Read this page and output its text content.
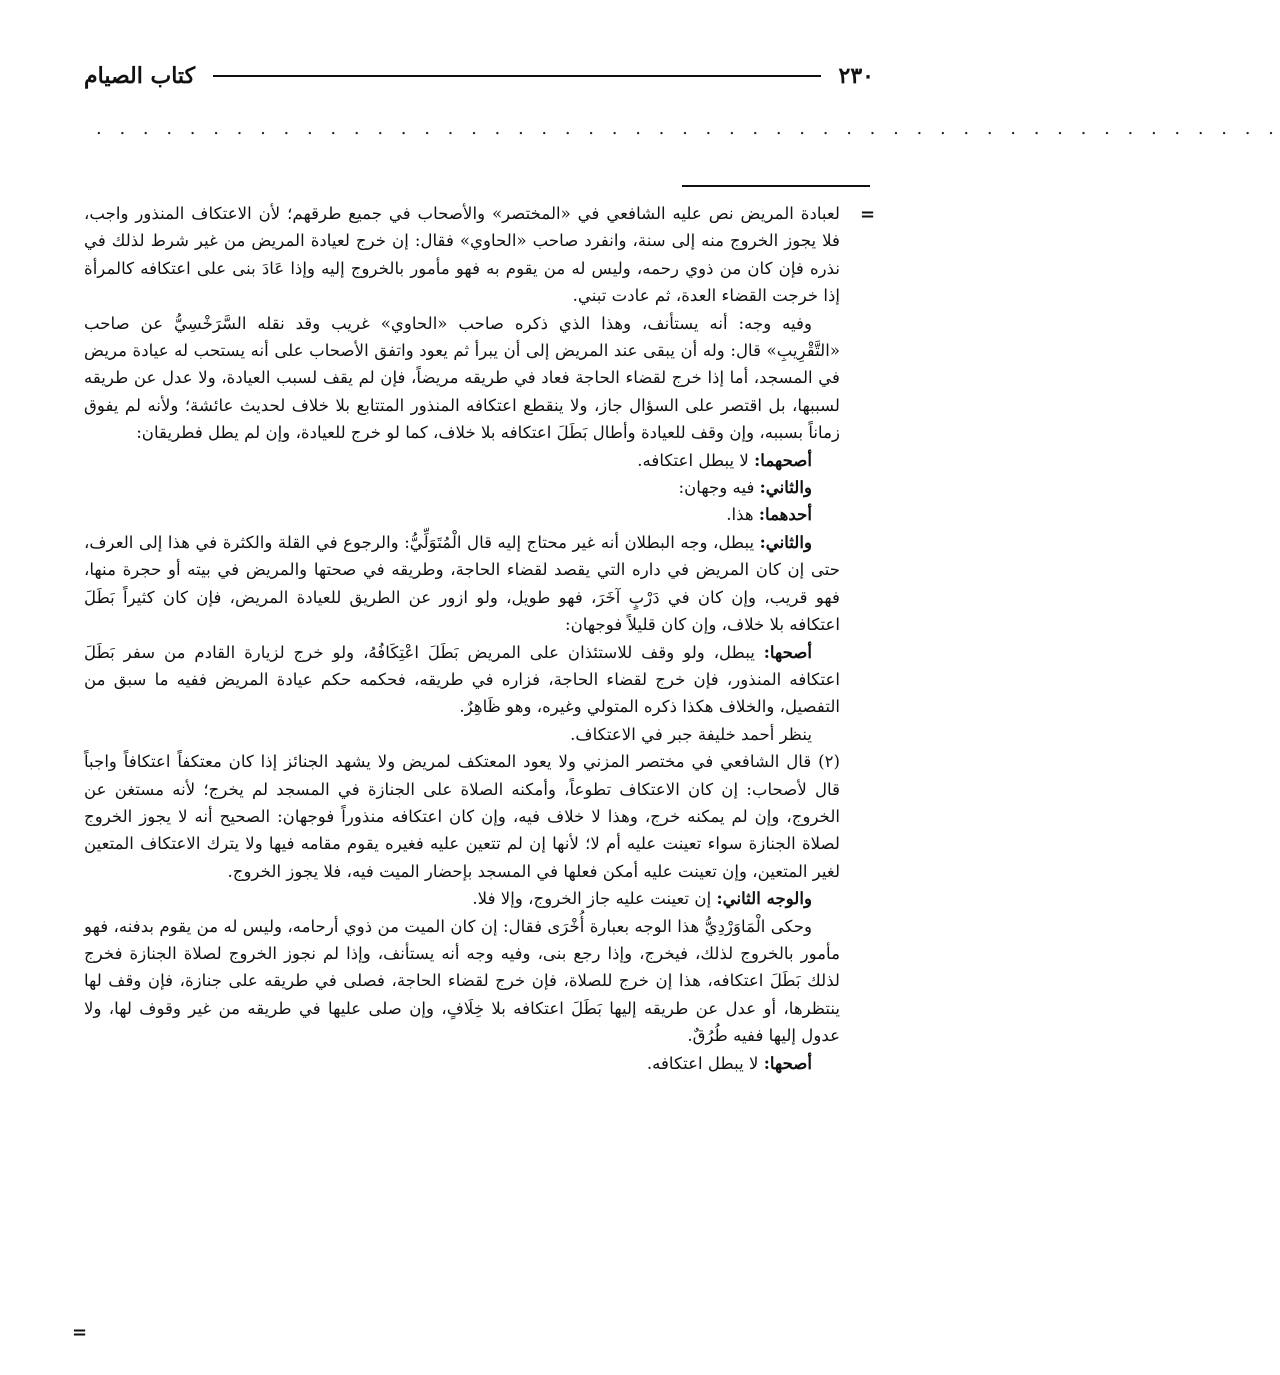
٢٣٠
كتاب الصيام
. . . . . . . . . . . . . . . . . . . . . . . . . . . . . . . . . . . . . . . . . . . . . . . . . . .
=

لعبادة المريض نص عليه الشافعي في «المختصر» والأصحاب في جميع طرقهم؛ لأن الاعتكاف المنذور واجب، فلا يجوز الخروج منه إلى سنة، وانفرد صاحب «الحاوي» فقال: إن خرج لعيادة المريض من غير شرط لذلك في نذره فإن كان من ذوي رحمه، وليس له من يقوم به فهو مأمور بالخروج إليه وإذا عَادَ بنى على اعتكافه كالمرأة إذا خرجت القضاء العدة، ثم عادت تبني.

وفيه وجه: أنه يستأنف، وهذا الذي ذكره صاحب «الحاوي» غريب وقد نقله السَّرَخْسِيُّ عن صاحب «التَّقْرِيبِ» قال: وله أن يبقى عند المريض إلى أن يبرأ ثم يعود واتفق الأصحاب على أنه يستحب له عيادة مريض في المسجد، أما إذا خرج لقضاء الحاجة فعاد في طريقه مريضاً، فإن لم يقف لسبب العيادة، ولا عدل عن طريقه لسببها، بل اقتصر على السؤال جاز، ولا ينقطع اعتكافه المنذور المتتابع بلا خلاف لحديث عائشة؛ ولأنه لم يفوق زماناً بسببه، وإن وقف للعيادة وأطال بَطَلَ اعتكافه بلا خلاف، كما لو خرج للعيادة، وإن لم يطل فطريقان:

أصحهما: لا يبطل اعتكافه.

والثاني: فيه وجهان:

أحدهما: هذا.

والثاني: يبطل، وجه البطلان أنه غير محتاج إليه قال الْمُتَوَلِّيُّ: والرجوع في القلة والكثرة في هذا إلى العرف، حتى إن كان المريض في داره التي يقصد لقضاء الحاجة، وطريقه في صحتها والمريض في بيته أو حجرة منها، فهو قريب، وإن كان في دَرْبٍ آخَرَ، فهو طويل، ولو ازور عن الطريق للعيادة المريض، فإن كان كثيراً بَطَلَ اعتكافه بلا خلاف، وإن كان قليلاً فوجهان:

أصحها: يبطل، ولو وقف للاستئذان على المريض بَطَلَ اعْتِكَافُهُ، ولو خرج لزيارة القادم من سفر بَطَلَ اعتكافه المنذور، فإن خرج لقضاء الحاجة، فزاره في طريقه، فحكمه حكم عيادة المريض ففيه ما سبق من التفصيل، والخلاف هكذا ذكره المتولي وغيره، وهو ظَاهِرٌ.

ينظر أحمد خليفة جبر في الاعتكاف.

(٢) قال الشافعي في مختصر المزني ولا يعود المعتكف لمريض ولا يشهد الجنائز إذا كان معتكفاً اعتكافاً واجباً قال لأصحاب: إن كان الاعتكاف تطوعاً، وأمكنه الصلاة على الجنازة في المسجد لم يخرج؛ لأنه مستغن عن الخروج، وإن لم يمكنه خرج، وهذا لا خلاف فيه، وإن كان اعتكافه منذوراً فوجهان: الصحيح أنه لا يجوز الخروج لصلاة الجنازة سواء تعينت عليه أم لا؛ لأنها إن لم تتعين عليه فغيره يقوم مقامه فيها ولا يترك الاعتكاف المتعين لغير المتعين، وإن تعينت عليه أمكن فعلها في المسجد بإحضار الميت فيه، فلا يجوز الخروج.

والوجه الثاني: إن تعينت عليه جاز الخروج، وإلا فلا.

وحكى الْمَاوَرْدِيُّ هذا الوجه بعبارة أُخْرَى فقال: إن كان الميت من ذوي أرحامه، وليس له من يقوم بدفنه، فهو مأمور بالخروج لذلك، فيخرج، وإذا رجع بنى، وفيه وجه أنه يستأنف، وإذا لم نجوز الخروج لصلاة الجنازة فخرج لذلك بَطَلَ اعتكافه، هذا إن خرج للصلاة، فإن خرج لقضاء الحاجة، فصلى في طريقه على جنازة، فإن وقف لها ينتظرها، أو عدل عن طريقه إليها بَطَلَ اعتكافه بلا خِلَافٍ، وإن صلى عليها في طريقه من غير وقوف لها، ولا عدول إليها ففيه طُرُقٌ.

أصحها: لا يبطل اعتكافه.

=
